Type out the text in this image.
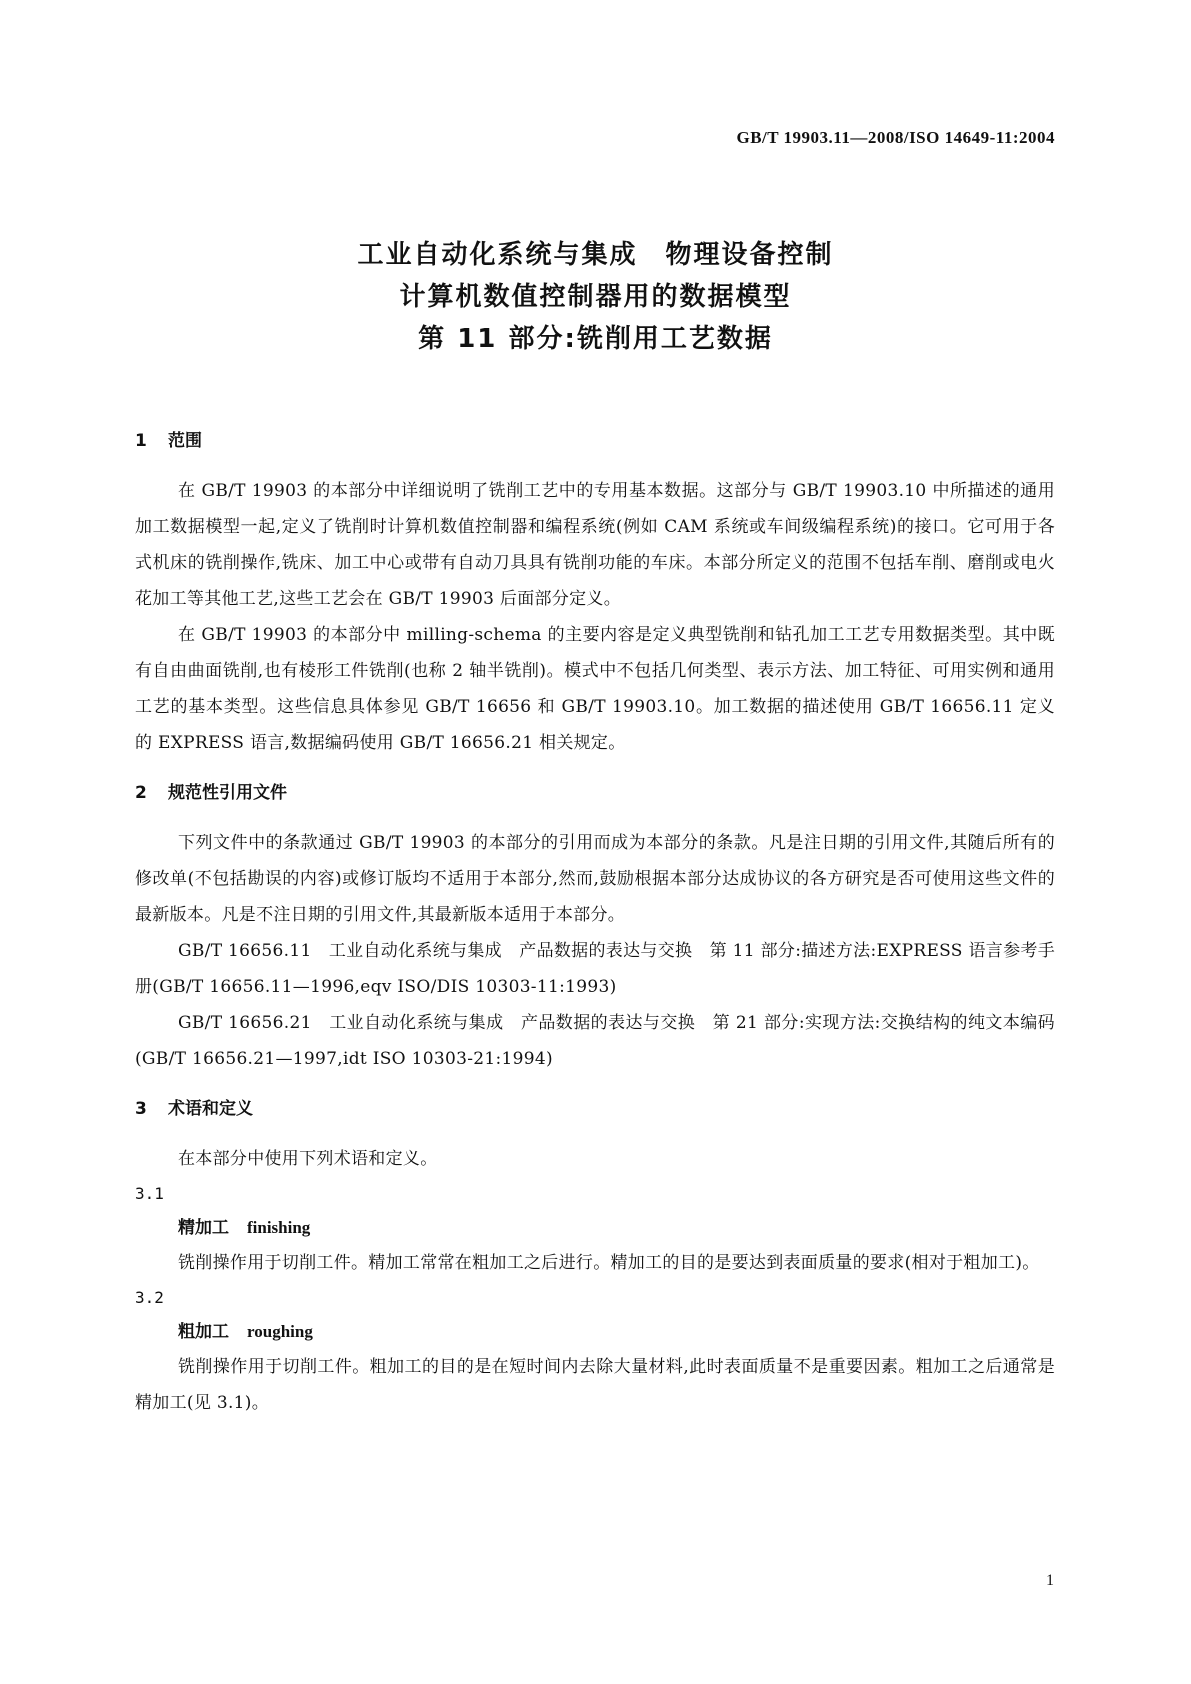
GB/T 19903.11—2008/ISO 14649-11:2004
工业自动化系统与集成　物理设备控制
计算机数值控制器用的数据模型
第 11 部分:铣削用工艺数据
1 范围

在 GB/T 19903 的本部分中详细说明了铣削工艺中的专用基本数据。这部分与 GB/T 19903.10 中所描述的通用加工数据模型一起,定义了铣削时计算机数值控制器和编程系统(例如 CAM 系统或车间级编程系统)的接口。它可用于各式机床的铣削操作,铣床、加工中心或带有自动刀具具有铣削功能的车床。本部分所定义的范围不包括车削、磨削或电火花加工等其他工艺,这些工艺会在 GB/T 19903 后面部分定义。

在 GB/T 19903 的本部分中 milling-schema 的主要内容是定义典型铣削和钻孔加工工艺专用数据类型。其中既有自由曲面铣削,也有棱形工件铣削(也称 2 轴半铣削)。模式中不包括几何类型、表示方法、加工特征、可用实例和通用工艺的基本类型。这些信息具体参见 GB/T 16656 和 GB/T 19903.10。加工数据的描述使用 GB/T 16656.11 定义的 EXPRESS 语言,数据编码使用 GB/T 16656.21 相关规定。

2 规范性引用文件

下列文件中的条款通过 GB/T 19903 的本部分的引用而成为本部分的条款。凡是注日期的引用文件,其随后所有的修改单(不包括勘误的内容)或修订版均不适用于本部分,然而,鼓励根据本部分达成协议的各方研究是否可使用这些文件的最新版本。凡是不注日期的引用文件,其最新版本适用于本部分。

GB/T 16656.11　工业自动化系统与集成　产品数据的表达与交换　第 11 部分:描述方法:EXPRESS 语言参考手册(GB/T 16656.11—1996,eqv ISO/DIS 10303-11:1993)

GB/T 16656.21　工业自动化系统与集成　产品数据的表达与交换　第 21 部分:实现方法:交换结构的纯文本编码(GB/T 16656.21—1997,idt ISO 10303-21:1994)

3 术语和定义

在本部分中使用下列术语和定义。

3.1

精加工 finishing

铣削操作用于切削工件。精加工常常在粗加工之后进行。精加工的目的是要达到表面质量的要求(相对于粗加工)。

3.2

粗加工 roughing

铣削操作用于切削工件。粗加工的目的是在短时间内去除大量材料,此时表面质量不是重要因素。粗加工之后通常是精加工(见 3.1)。

1
